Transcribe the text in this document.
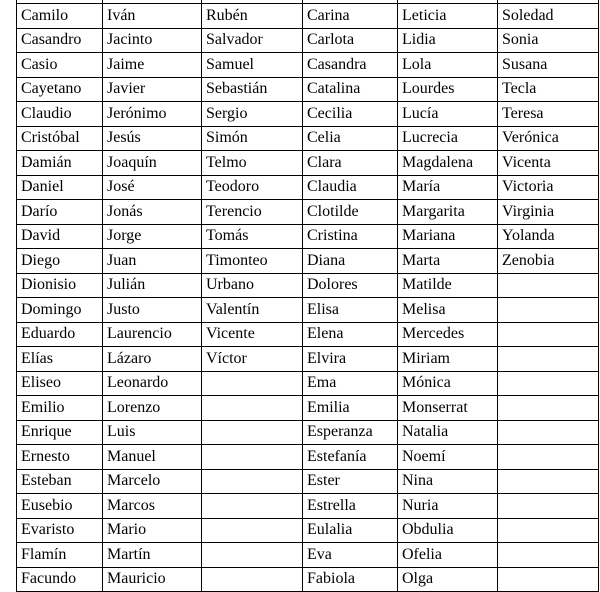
Camilo	Iván	Rubén	Carina	Leticia	Soledad
Casandro	Jacinto	Salvador	Carlota	Lidia	Sonia
Casio	Jaime	Samuel	Casandra	Lola	Susana
Cayetano	Javier	Sebastián	Catalina	Lourdes	Tecla
Claudio	Jerónimo	Sergio	Cecilia	Lucía	Teresa
Cristóbal	Jesús	Simón	Celia	Lucrecia	Verónica
Damián	Joaquín	Telmo	Clara	Magdalena	Vicenta
Daniel	José	Teodoro	Claudia	María	Victoria
Darío	Jonás	Terencio	Clotilde	Margarita	Virginia
David	Jorge	Tomás	Cristina	Mariana	Yolanda
Diego	Juan	Timonteo	Diana	Marta	Zenobia
Dionisio	Julián	Urbano	Dolores	Matilde	
Domingo	Justo	Valentín	Elisa	Melisa	
Eduardo	Laurencio	Vicente	Elena	Mercedes	
Elías	Lázaro	Víctor	Elvira	Miriam	
Eliseo	Leonardo		Ema	Mónica	
Emilio	Lorenzo		Emilia	Monserrat	
Enrique	Luis		Esperanza	Natalia	
Ernesto	Manuel		Estefanía	Noemí	
Esteban	Marcelo		Ester	Nina	
Eusebio	Marcos		Estrella	Nuria	
Evaristo	Mario		Eulalia	Obdulia	
Flamín	Martín		Eva	Ofelia	
Facundo	Mauricio		Fabiola	Olga	
